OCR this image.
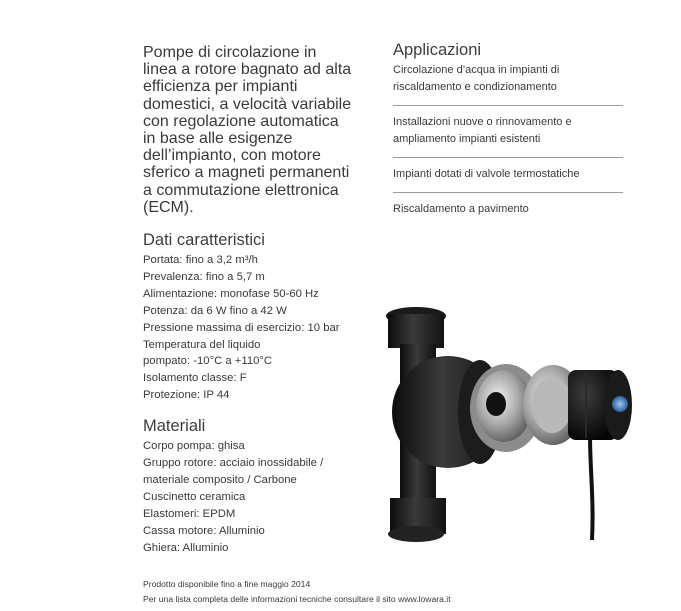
Pompe di circolazione in
linea a rotore bagnato ad alta
efficienza per impianti
domestici, a velocità variabile
con regolazione automatica
in base alle esigenze
dell’impianto, con motore
sferico a magneti permanenti
a commutazione elettronica
(ECM).
Dati caratteristici
Portata: fino a 3,2 m³/h
Prevalenza: fino a 5,7 m
Alimentazione: monofase 50-60 Hz
Potenza: da 6 W fino a 42 W
Pressione massima di esercizio: 10 bar
Temperatura del liquido
pompato: -10°C a +110°C
Isolamento classe: F
Protezione: IP 44
Materiali
Corpo pompa: ghisa
Gruppo rotore: acciaio inossidabile /
materiale composito / Carbone
Cuscinetto ceramica
Elastomeri: EPDM
Cassa motore: Alluminio
Ghiera: Alluminio
Applicazioni
Circolazione d’acqua in impianti di
riscaldamento e condizionamento
Installazioni nuove o rinnovamento e
ampliamento impianti esistenti
Impianti dotati di valvole termostatiche
Riscaldamento a pavimento

Prodotto disponibile fino a fine maggio 2014

Per una lista completa delle informazioni tecniche consultare il sito www.lowara.it
